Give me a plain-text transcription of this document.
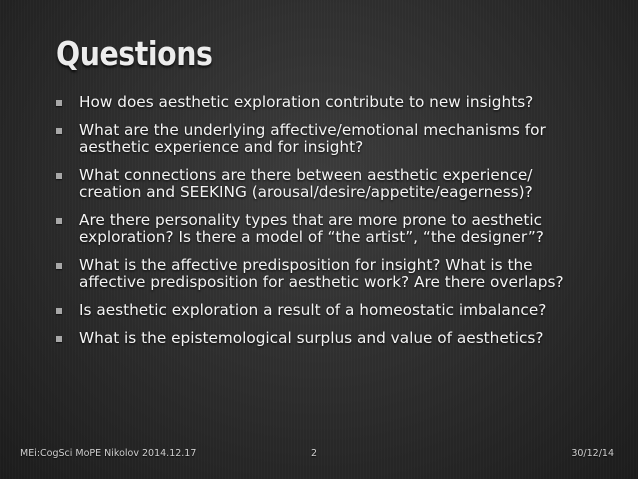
Questions
How does aesthetic exploration contribute to new insights?
What are the underlying affective/emotional mechanisms for aesthetic experience and for insight?
What connections are there between aesthetic experience/ creation and SEEKING (arousal/desire/appetite/eagerness)?
Are there personality types that are more prone to aesthetic exploration? Is there a model of “the artist”, “the designer”?
What is the affective predisposition for insight? What is the affective predisposition for aesthetic work? Are there overlaps?
Is aesthetic exploration a result of a homeostatic imbalance?
What is the epistemological surplus and value of aesthetics?
MEi:CogSci MoPE Nikolov 2014.12.17	2	30/12/14
